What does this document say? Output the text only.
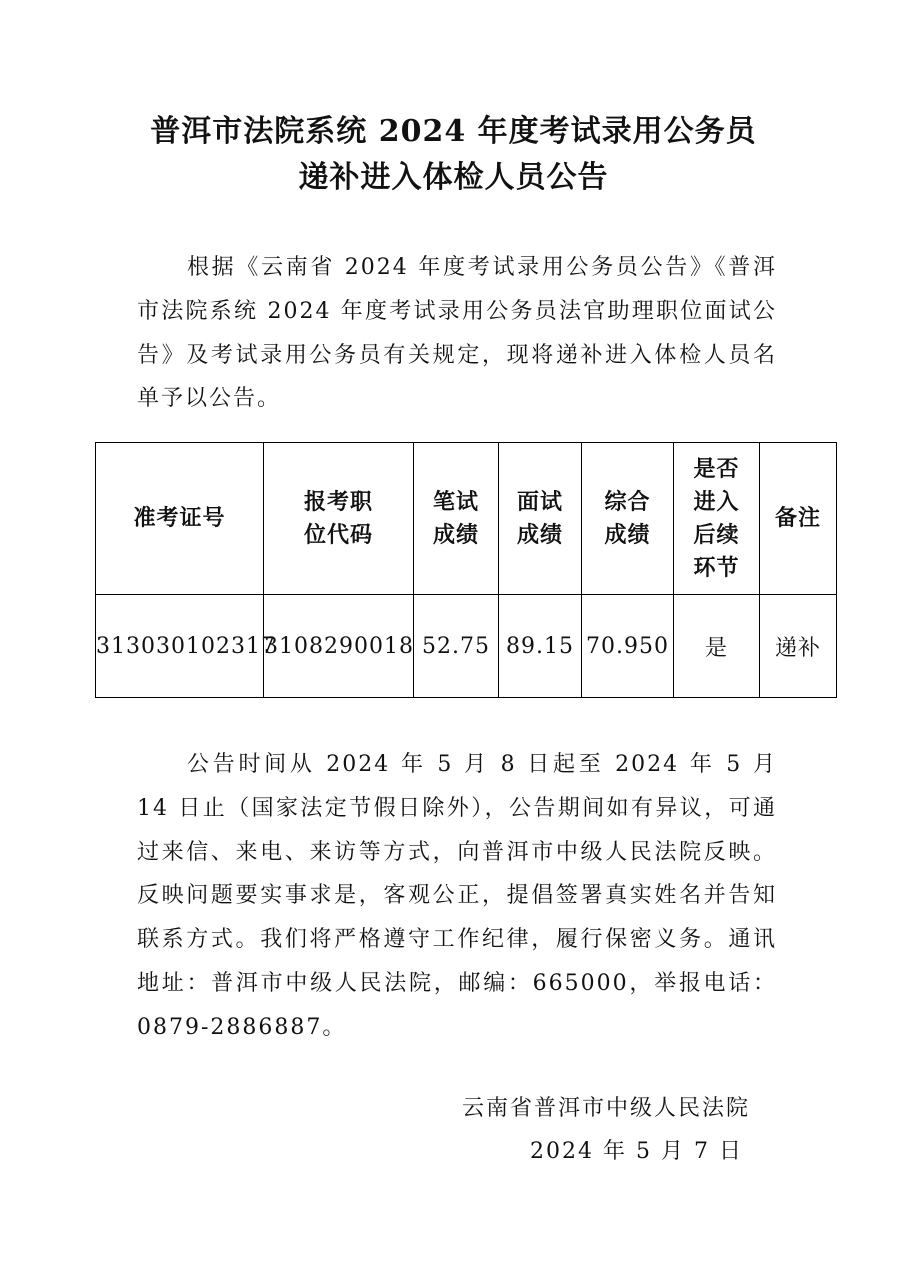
普洱市法院系统 2024 年度考试录用公务员
递补进入体检人员公告

根据《云南省 2024 年度考试录用公务员公告》《普洱市法院系统 2024 年度考试录用公务员法官助理职位面试公告》及考试录用公务员有关规定，现将递补进入体检人员名单予以公告。

准考证号	报考职位代码	笔试成绩	面试成绩	综合成绩	是否进入后续环节	备注
313030102317	3108290018	52.75	89.15	70.950	是	递补

公告时间从 2024 年 5 月 8 日起至 2024 年 5 月 14 日止（国家法定节假日除外），公告期间如有异议，可通过来信、来电、来访等方式，向普洱市中级人民法院反映。反映问题要实事求是，客观公正，提倡签署真实姓名并告知联系方式。我们将严格遵守工作纪律，履行保密义务。通讯地址：普洱市中级人民法院，邮编：665000，举报电话：0879-2886887。

云南省普洱市中级人民法院
2024 年 5 月 7 日
